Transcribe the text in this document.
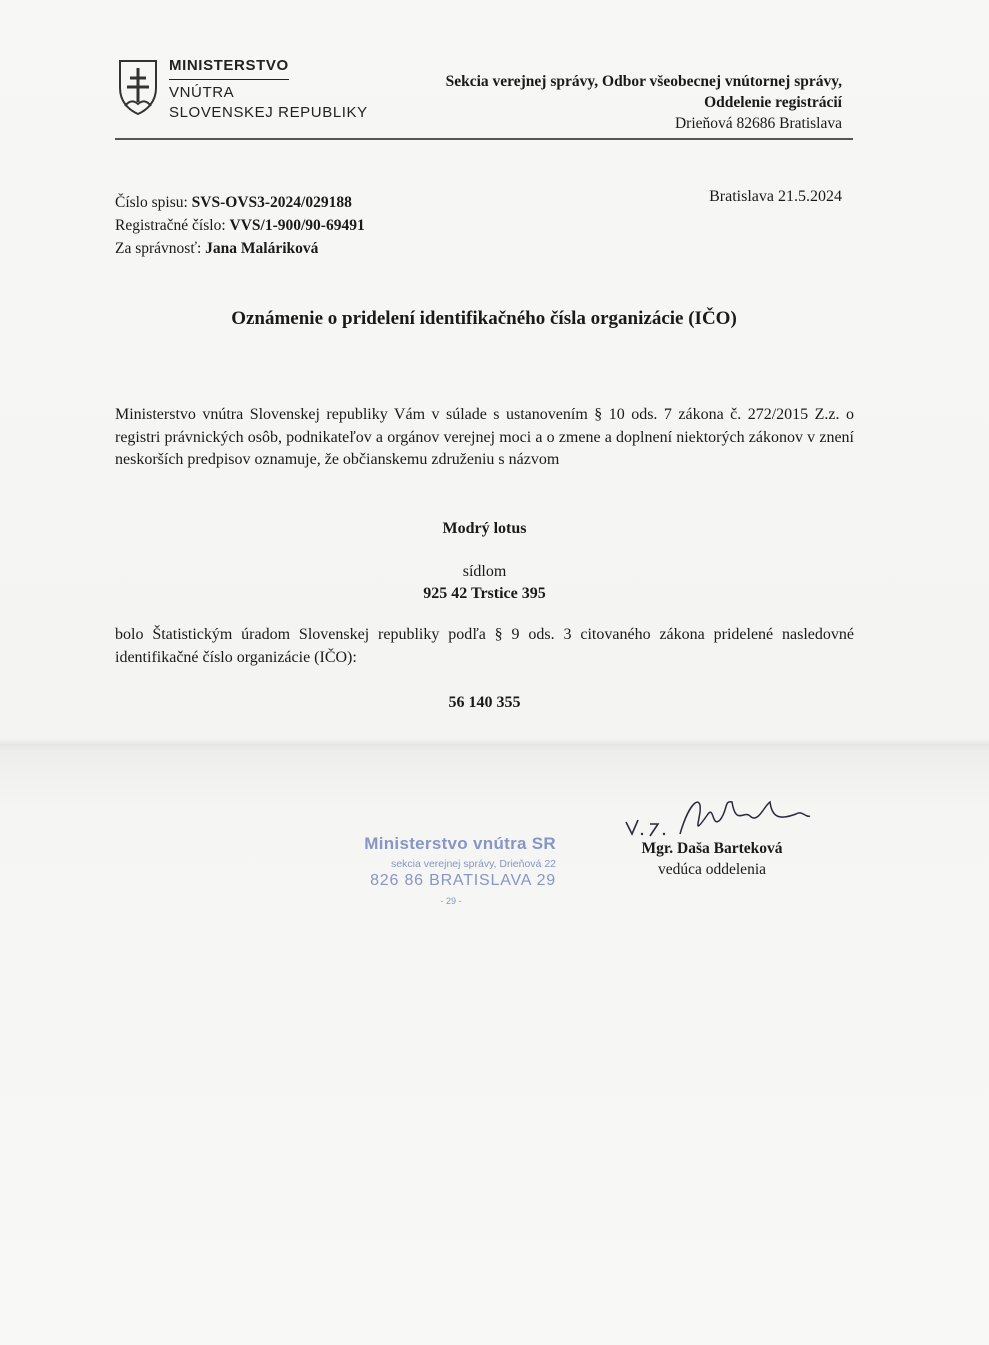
MINISTERSTVO
VNÚTRA
SLOVENSKEJ REPUBLIKY
Sekcia verejnej správy, Odbor všeobecnej vnútornej správy,
Oddelenie registrácií
Drieňová 82686 Bratislava
Číslo spisu: SVS-OVS3-2024/029188
Registračné číslo: VVS/1-900/90-69491
Za správnosť: Jana Maláriková
Bratislava 21.5.2024
Oznámenie o pridelení identifikačného čísla organizácie (IČO)
Ministerstvo vnútra Slovenskej republiky Vám v súlade s ustanovením § 10 ods. 7 zákona č. 272/2015 Z.z. o registri právnických osôb, podnikateľov a orgánov verejnej moci a o zmene a doplnení niektorých zákonov v znení neskorších predpisov oznamuje, že občianskemu združeniu s názvom
Modrý lotus
sídlom
925 42 Trstice 395
bolo Štatistickým úradom Slovenskej republiky podľa § 9 ods. 3 citovaného zákona pridelené nasledovné identifikačné číslo organizácie (IČO):
56 140 355
Ministerstvo vnútra SR
sekcia verejnej správy, Drieňová 22
826 86 BRATISLAVA 29
- 29 -
Mgr. Daša Barteková
vedúca oddelenia
